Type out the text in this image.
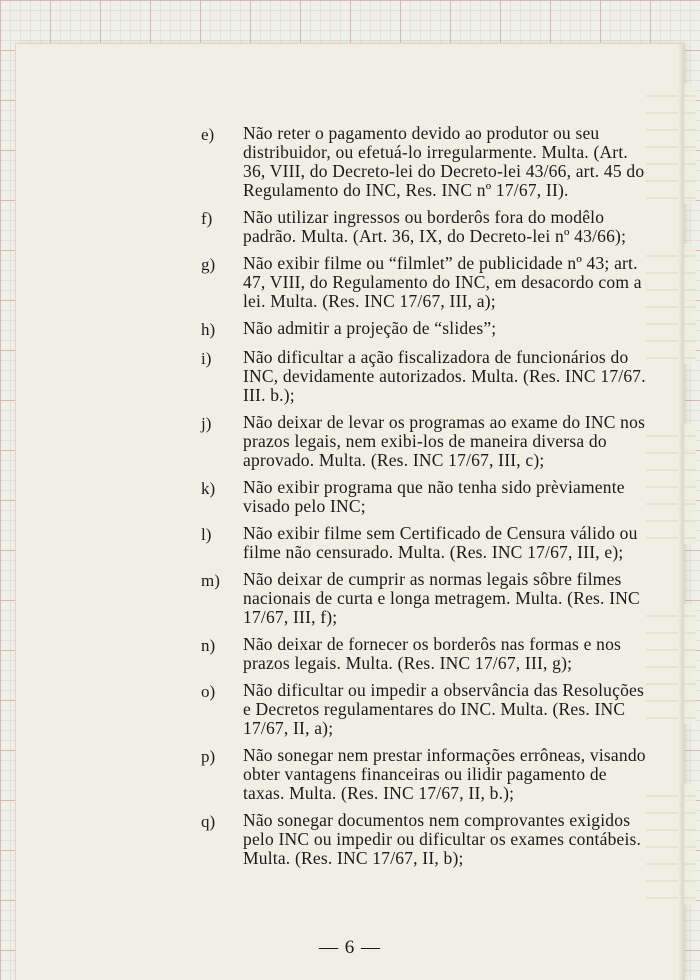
e)	Não reter o pagamento devido ao produtor ou seu distribuidor, ou efetuá-lo irregularmente. Multa. (Art. 36, VIII, do Decreto-lei do Decreto-lei 43/66, art. 45 do Regulamento do INC, Res. INC nº 17/67, II).
f)	Não utilizar ingressos ou borderôs fora do modêlo padrão. Multa. (Art. 36, IX, do Decreto-lei nº 43/66);
g)	Não exibir filme ou “filmlet” de publicidade nº 43; art. 47, VIII, do Regulamento do INC, em desacordo com a lei. Multa. (Res. INC 17/67, III, a);
h)	Não admitir a projeção de “slides”;
i)	Não dificultar a ação fiscalizadora de funcionários do INC, devidamente autorizados. Multa. (Res. INC 17/67. III. b.);
j)	Não deixar de levar os programas ao exame do INC nos prazos legais, nem exibi-los de maneira diversa do aprovado. Multa. (Res. INC 17/67, III, c);
k)	Não exibir programa que não tenha sido prèviamente visado pelo INC;
l)	Não exibir filme sem Certificado de Censura válido ou filme não censurado. Multa. (Res. INC 17/67, III, e);
m)	Não deixar de cumprir as normas legais sôbre filmes nacionais de curta e longa metragem. Multa. (Res. INC 17/67, III, f);
n)	Não deixar de fornecer os borderôs nas formas e nos prazos legais. Multa. (Res. INC 17/67, III, g);
o)	Não dificultar ou impedir a observância das Resoluções e Decretos regulamentares do INC. Multa. (Res. INC 17/67, II, a);
p)	Não sonegar nem prestar informações errôneas, visando obter vantagens financeiras ou ilidir pagamento de taxas. Multa. (Res. INC 17/67, II, b.);
q)	Não sonegar documentos nem comprovantes exigidos pelo INC ou impedir ou dificultar os exames contábeis. Multa. (Res. INC 17/67, II, b);
— 6 —
